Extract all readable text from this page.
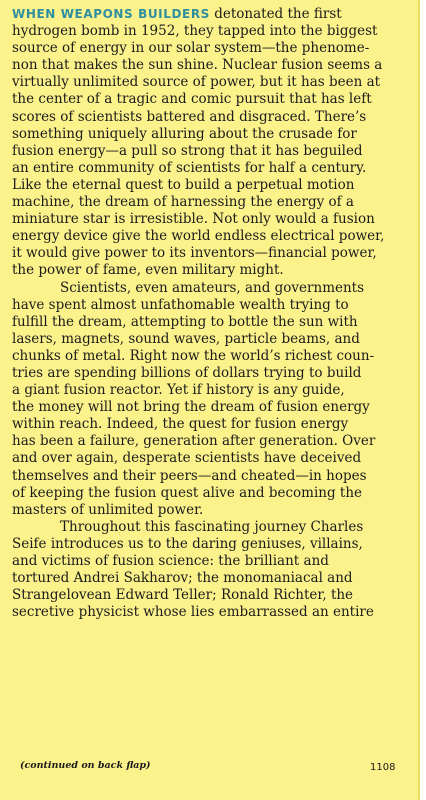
WHEN WEAPONS BUILDERS detonated the first
hydrogen bomb in 1952, they tapped into the biggest
source of energy in our solar system—the phenome-
non that makes the sun shine. Nuclear fusion seems a
virtually unlimited source of power, but it has been at
the center of a tragic and comic pursuit that has left
scores of scientists battered and disgraced. There’s
something uniquely alluring about the crusade for
fusion energy—a pull so strong that it has beguiled
an entire community of scientists for half a century.
Like the eternal quest to build a perpetual motion
machine, the dream of harnessing the energy of a
miniature star is irresistible. Not only would a fusion
energy device give the world endless electrical power,
it would give power to its inventors—financial power,
the power of fame, even military might.
Scientists, even amateurs, and governments
have spent almost unfathomable wealth trying to
fulfill the dream, attempting to bottle the sun with
lasers, magnets, sound waves, particle beams, and
chunks of metal. Right now the world’s richest coun-
tries are spending billions of dollars trying to build
a giant fusion reactor. Yet if history is any guide,
the money will not bring the dream of fusion energy
within reach. Indeed, the quest for fusion energy
has been a failure, generation after generation. Over
and over again, desperate scientists have deceived
themselves and their peers—and cheated—in hopes
of keeping the fusion quest alive and becoming the
masters of unlimited power.
Throughout this fascinating journey Charles
Seife introduces us to the daring geniuses, villains,
and victims of fusion science: the brilliant and
tortured Andrei Sakharov; the monomaniacal and
Strangelovean Edward Teller; Ronald Richter, the
secretive physicist whose lies embarrassed an entire
(continued on back flap)	1108
